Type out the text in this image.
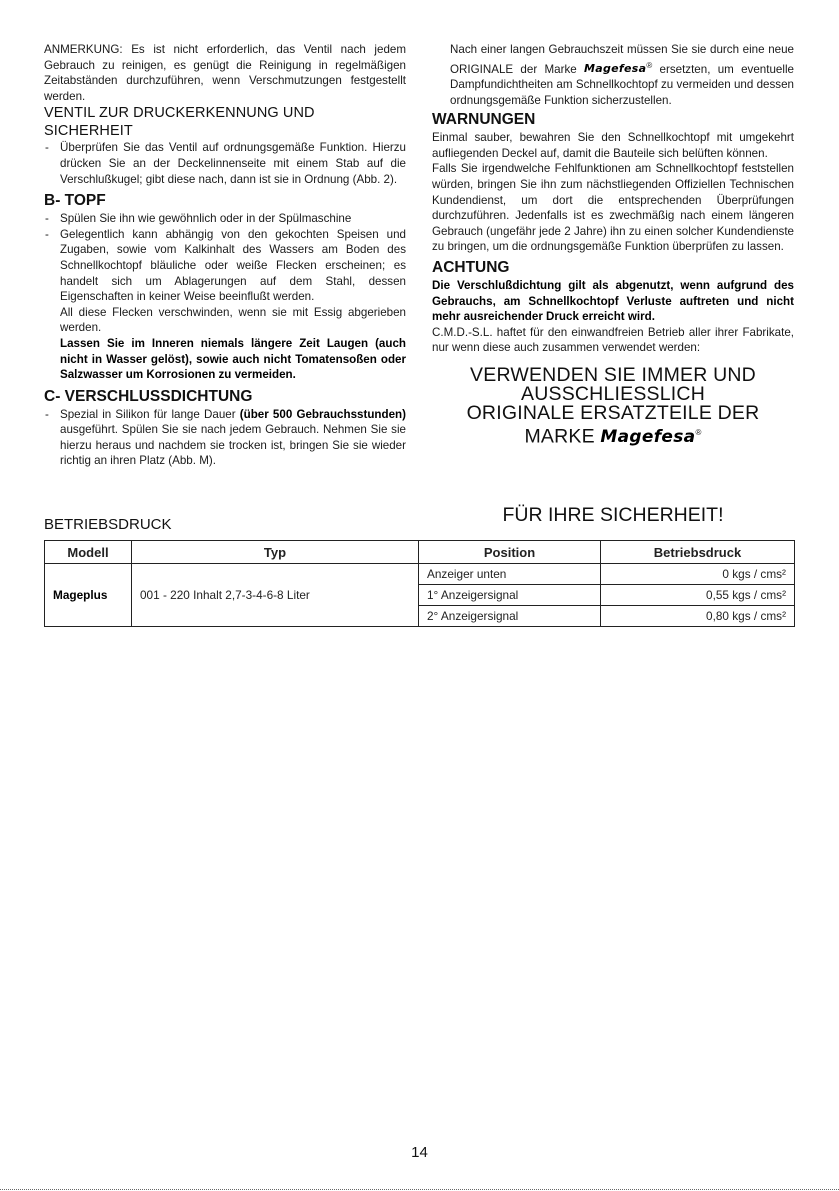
ANMERKUNG: Es ist nicht erforderlich, das Ventil nach jedem Gebrauch zu reinigen, es genügt die Reinigung in regelmäßigen Zeitabständen durchzuführen, wenn Verschmutzungen festgestellt werden.

VENTIL ZUR DRUCKERKENNUNG UND SICHERHEIT

- Überprüfen Sie das Ventil auf ordnungsgemäße Funktion. Hierzu drücken Sie an der Deckelinnenseite mit einem Stab auf die Verschlußkugel; gibt diese nach, dann ist sie in Ordnung (Abb. 2).

B- TOPF

- Spülen Sie ihn wie gewöhnlich oder in der Spülmaschine

- Gelegentlich kann abhängig von den gekochten Speisen und Zugaben, sowie vom Kalkinhalt des Wassers am Boden des Schnellkochtopf bläuliche oder weiße Flecken erscheinen; es handelt sich um Ablagerungen auf dem Stahl, dessen Eigenschaften in keiner Weise beeinflußt werden.

All diese Flecken verschwinden, wenn sie mit Essig abgerieben werden.

Lassen Sie im Inneren niemals längere Zeit Laugen (auch nicht in Wasser gelöst), sowie auch nicht Tomatensoßen oder Salzwasser um Korrosionen zu vermeiden.

C- VERSCHLUSSDICHTUNG

- Spezial in Silikon für lange Dauer (über 500 Gebrauchsstunden) ausgeführt. Spülen Sie sie nach jedem Gebrauch. Nehmen Sie sie hierzu heraus und nachdem sie trocken ist, bringen Sie sie wieder richtig an ihren Platz (Abb. M).

Nach einer langen Gebrauchszeit müssen Sie sie durch eine neue ORIGINALE der Marke Magefesa® ersetzten, um eventuelle Dampfundichtheiten am Schnellkochtopf zu vermeiden und dessen ordnungsgemäße Funktion sicherzustellen.

WARNUNGEN

Einmal sauber, bewahren Sie den Schnellkochtopf mit umgekehrt aufliegenden Deckel auf, damit die Bauteile sich belüften können.

Falls Sie irgendwelche Fehlfunktionen am Schnellkochtopf feststellen würden, bringen Sie ihn zum nächstliegenden Offiziellen Technischen Kundendienst, um dort die entsprechenden Überprüfungen durchzuführen. Jedenfalls ist es zwechmäßig nach einem längeren Gebrauch (ungefähr jede 2 Jahre) ihn zu einen solcher Kundendienste zu bringen, um die ordnungsgemäße Funktion überprüfen zu lassen.

ACHTUNG

Die Verschlußdichtung gilt als abgenutzt, wenn aufgrund des Gebrauchs, am Schnellkochtopf Verluste auftreten und nicht mehr ausreichender Druck erreicht wird.

C.M.D.-S.L. haftet für den einwandfreien Betrieb aller ihrer Fabrikate, nur wenn diese auch zusammen verwendet werden:

VERWENDEN SIE IMMER UND
AUSSCHLIESSLICH
ORIGINALE ERSATZTEILE DER
MARKE Magefesa®
FÜR IHRE SICHERHEIT!
BETRIEBSDRUCK
Modell	Typ	Position	Betriebsdruck
Mageplus	001 - 220 Inhalt 2,7-3-4-6-8 Liter	Anzeiger unten	0 kgs / cms²
		1° Anzeigersignal	0,55 kgs / cms²
		2° Anzeigersignal	0,80 kgs / cms²
14
